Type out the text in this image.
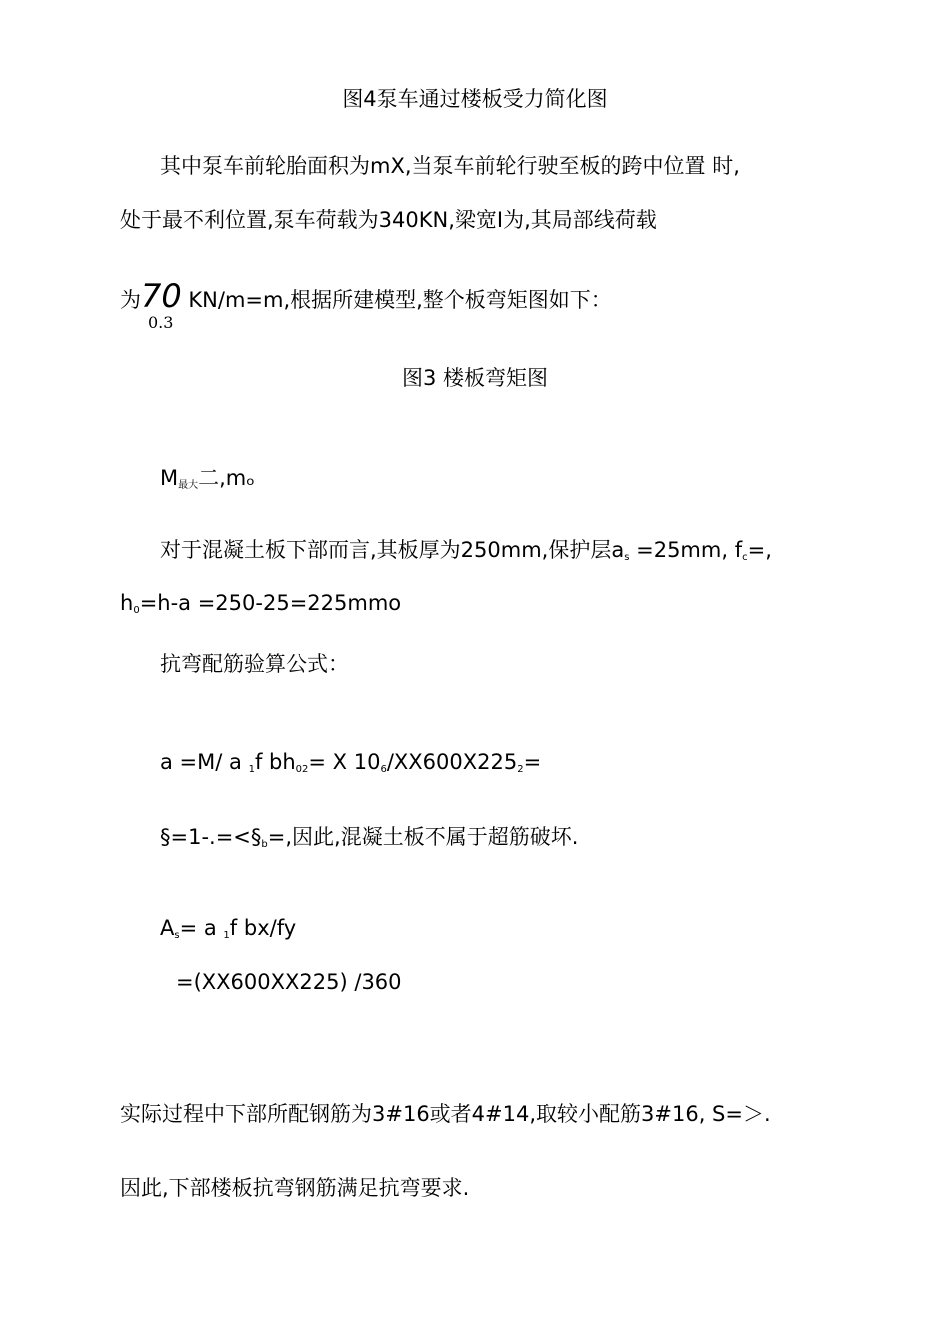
图4泵车通过楼板受力简化图
其中泵车前轮胎面积为mX,当泵车前轮行驶至板的跨中位置 时,
处于最不利位置,泵车荷载为340KN,梁宽Ⅰ为,其局部线荷载
为70 KN/m=m,根据所建模型,整个板弯矩图如下：
0.3
图3 楼板弯矩图
$M_{最大}$二,mₒ
对于混凝土板下部而言,其板厚为250mm,保护层$a_s =25mm$, $f_c=$,
$h_0=h-a =250-25=225mmo$
抗弯配筋验算公式：
a =M/ a $_1$f $bh_{02}= X$ $10_6/XX600X225_2=$
$\S=1-.=<\S_b=$,因此,混凝土板不属于超筋破坏.
$A_s= a$ $_1$f bx/fy
=(XX600XX225) /360
实际过程中下部所配钢筋为3#16或者4#14,取较小配筋3#16, S=＞.
因此,下部楼板抗弯钢筋满足抗弯要求.
